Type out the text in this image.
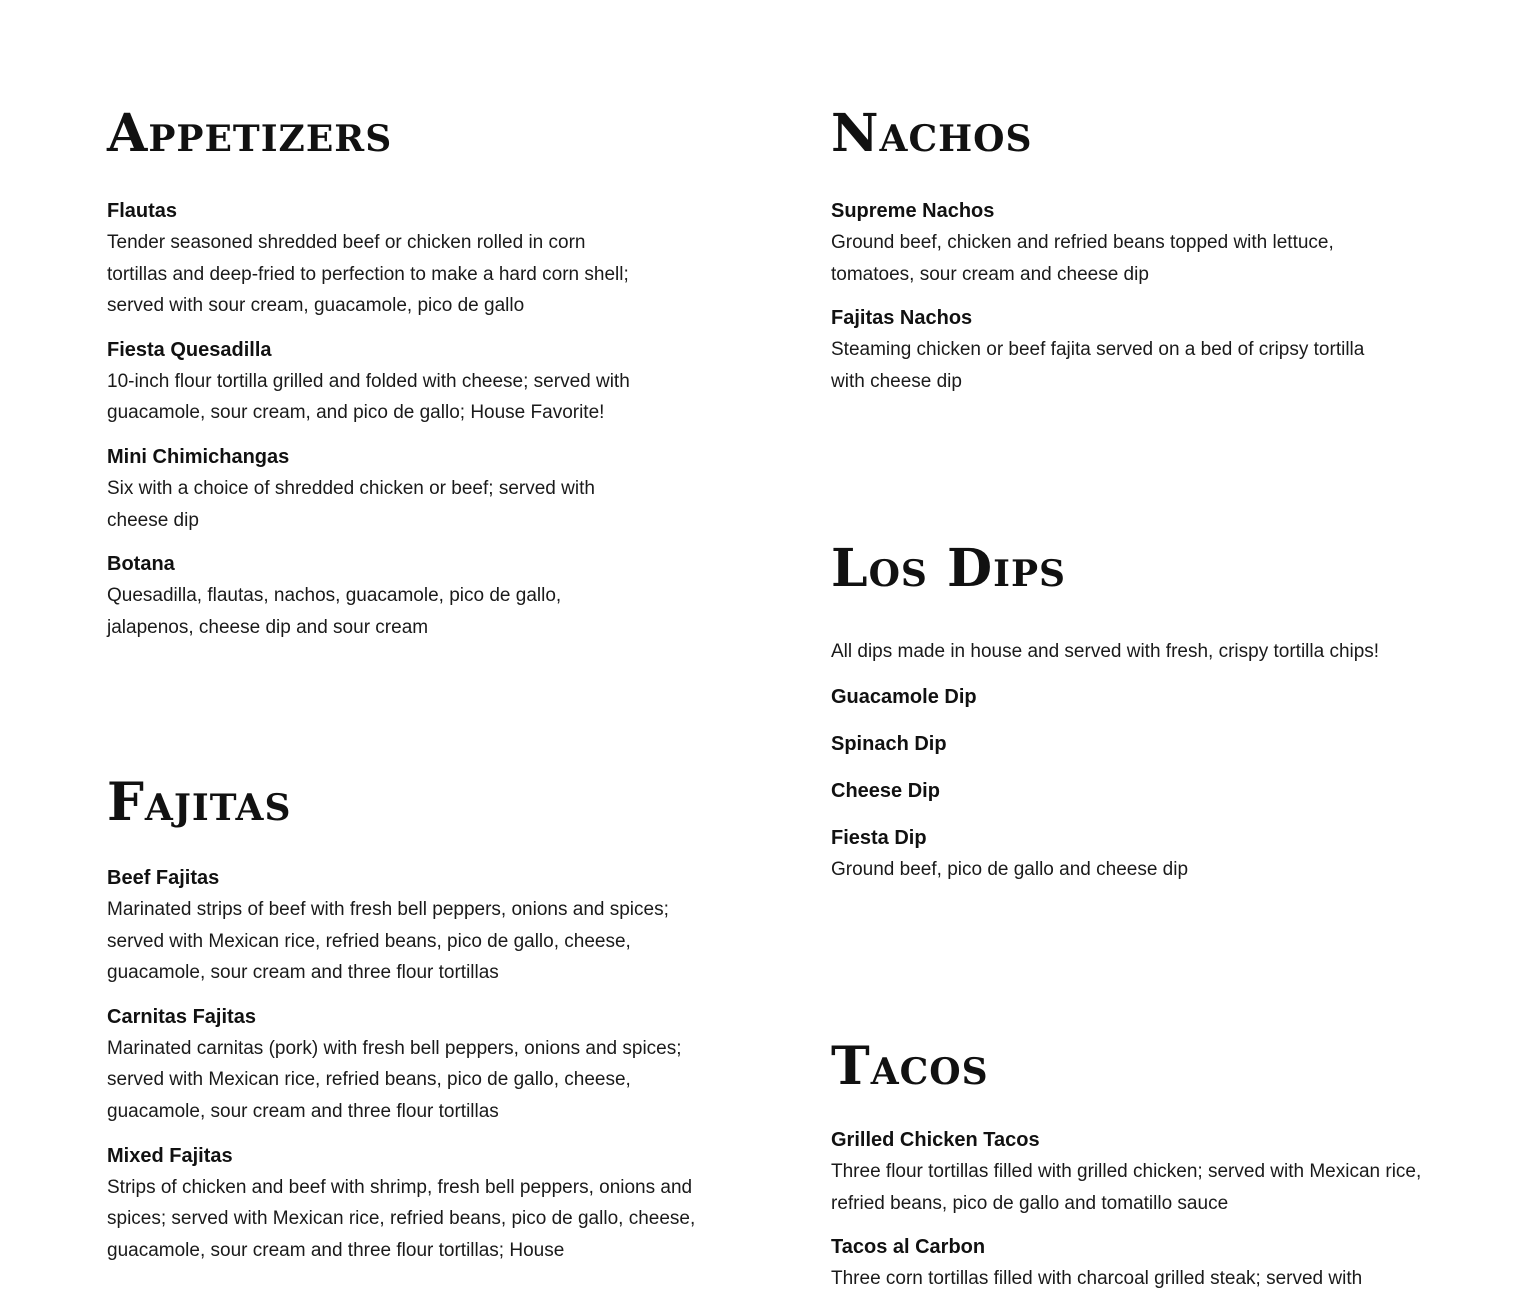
Appetizers

Flautas

Tender seasoned shredded beef or chicken rolled in corn tortillas and deep-fried to perfection to make a hard corn shell; served with sour cream, guacamole, pico de gallo

Fiesta Quesadilla

10-inch flour tortilla grilled and folded with cheese; served with guacamole, sour cream, and pico de gallo; House Favorite!

Mini Chimichangas

Six with a choice of shredded chicken or beef; served with cheese dip

Botana

Quesadilla, flautas, nachos, guacamole, pico de gallo, jalapenos, cheese dip and sour cream

Fajitas

Beef Fajitas

Marinated strips of beef with fresh bell peppers, onions and spices; served with Mexican rice, refried beans, pico de gallo, cheese, guacamole, sour cream and three flour tortillas

Carnitas Fajitas

Marinated carnitas (pork) with fresh bell peppers, onions and spices; served with Mexican rice, refried beans, pico de gallo, cheese, guacamole, sour cream and three flour tortillas

Mixed Fajitas

Strips of chicken and beef with shrimp, fresh bell peppers, onions and spices; served with Mexican rice, refried beans, pico de gallo, cheese, guacamole, sour cream and three flour tortillas; House

Nachos

Supreme Nachos

Ground beef, chicken and refried beans topped with lettuce, tomatoes, sour cream and cheese dip

Fajitas Nachos

Steaming chicken or beef fajita served on a bed of cripsy tortilla with cheese dip

Los Dips

All dips made in house and served with fresh, crispy tortilla chips!

Guacamole Dip

Spinach Dip

Cheese Dip

Fiesta Dip

Ground beef, pico de gallo and cheese dip

Tacos

Grilled Chicken Tacos

Three flour tortillas filled with grilled chicken; served with Mexican rice, refried beans, pico de gallo and tomatillo sauce

Tacos al Carbon

Three corn tortillas filled with charcoal grilled steak; served with
